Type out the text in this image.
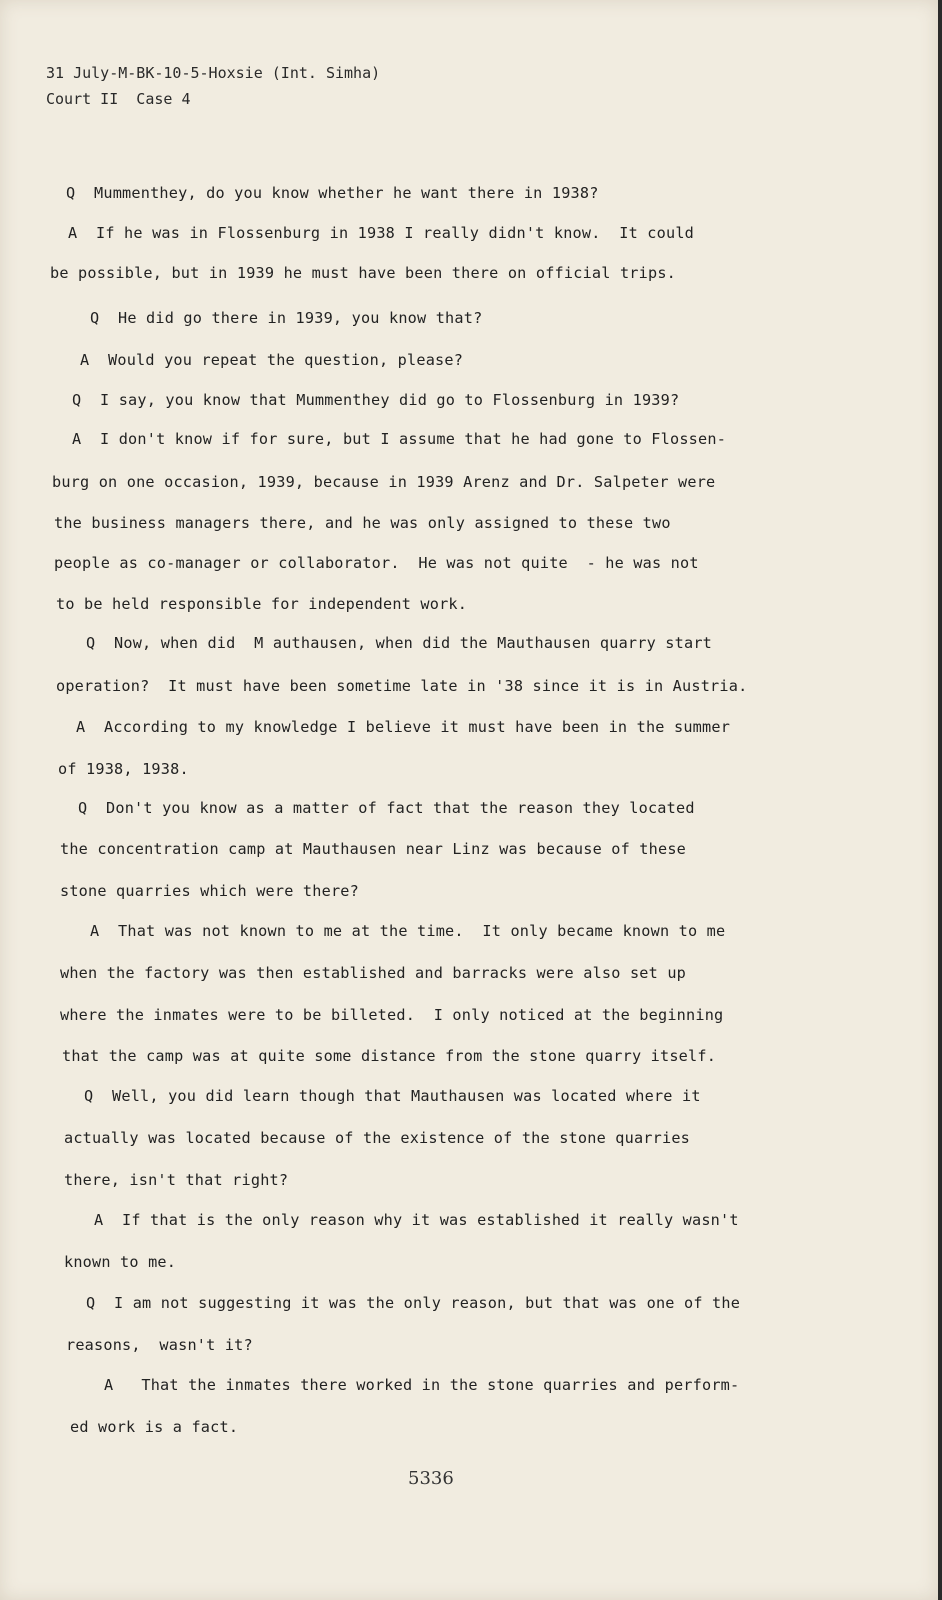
31 July-M-BK-10-5-Hoxsie (Int. Simha)
Court II  Case 4
Q  Mummenthey, do you know whether he want there in 1938?
A  If he was in Flossenburg in 1938 I really didn't know.  It could
be possible, but in 1939 he must have been there on official trips.
Q  He did go there in 1939, you know that?
A  Would you repeat the question, please?
Q  I say, you know that Mummenthey did go to Flossenburg in 1939?
A  I don't know if for sure, but I assume that he had gone to Flossen-
burg on one occasion, 1939, because in 1939 Arenz and Dr. Salpeter were
the business managers there, and he was only assigned to these two
people as co-manager or collaborator.  He was not quite  - he was not
to be held responsible for independent work.
Q  Now, when did  M authausen, when did the Mauthausen quarry start
operation?  It must have been sometime late in '38 since it is in Austria.
A  According to my knowledge I believe it must have been in the summer
of 1938, 1938.
Q  Don't you know as a matter of fact that the reason they located
the concentration camp at Mauthausen near Linz was because of these
stone quarries which were there?
A  That was not known to me at the time.  It only became known to me
when the factory was then established and barracks were also set up
where the inmates were to be billeted.  I only noticed at the beginning
that the camp was at quite some distance from the stone quarry itself.
Q  Well, you did learn though that Mauthausen was located where it
actually was located because of the existence of the stone quarries
there, isn't that right?
A  If that is the only reason why it was established it really wasn't
known to me.
Q  I am not suggesting it was the only reason, but that was one of the
reasons,  wasn't it?
A   That the inmates there worked in the stone quarries and perform-
ed work is a fact.
5336
